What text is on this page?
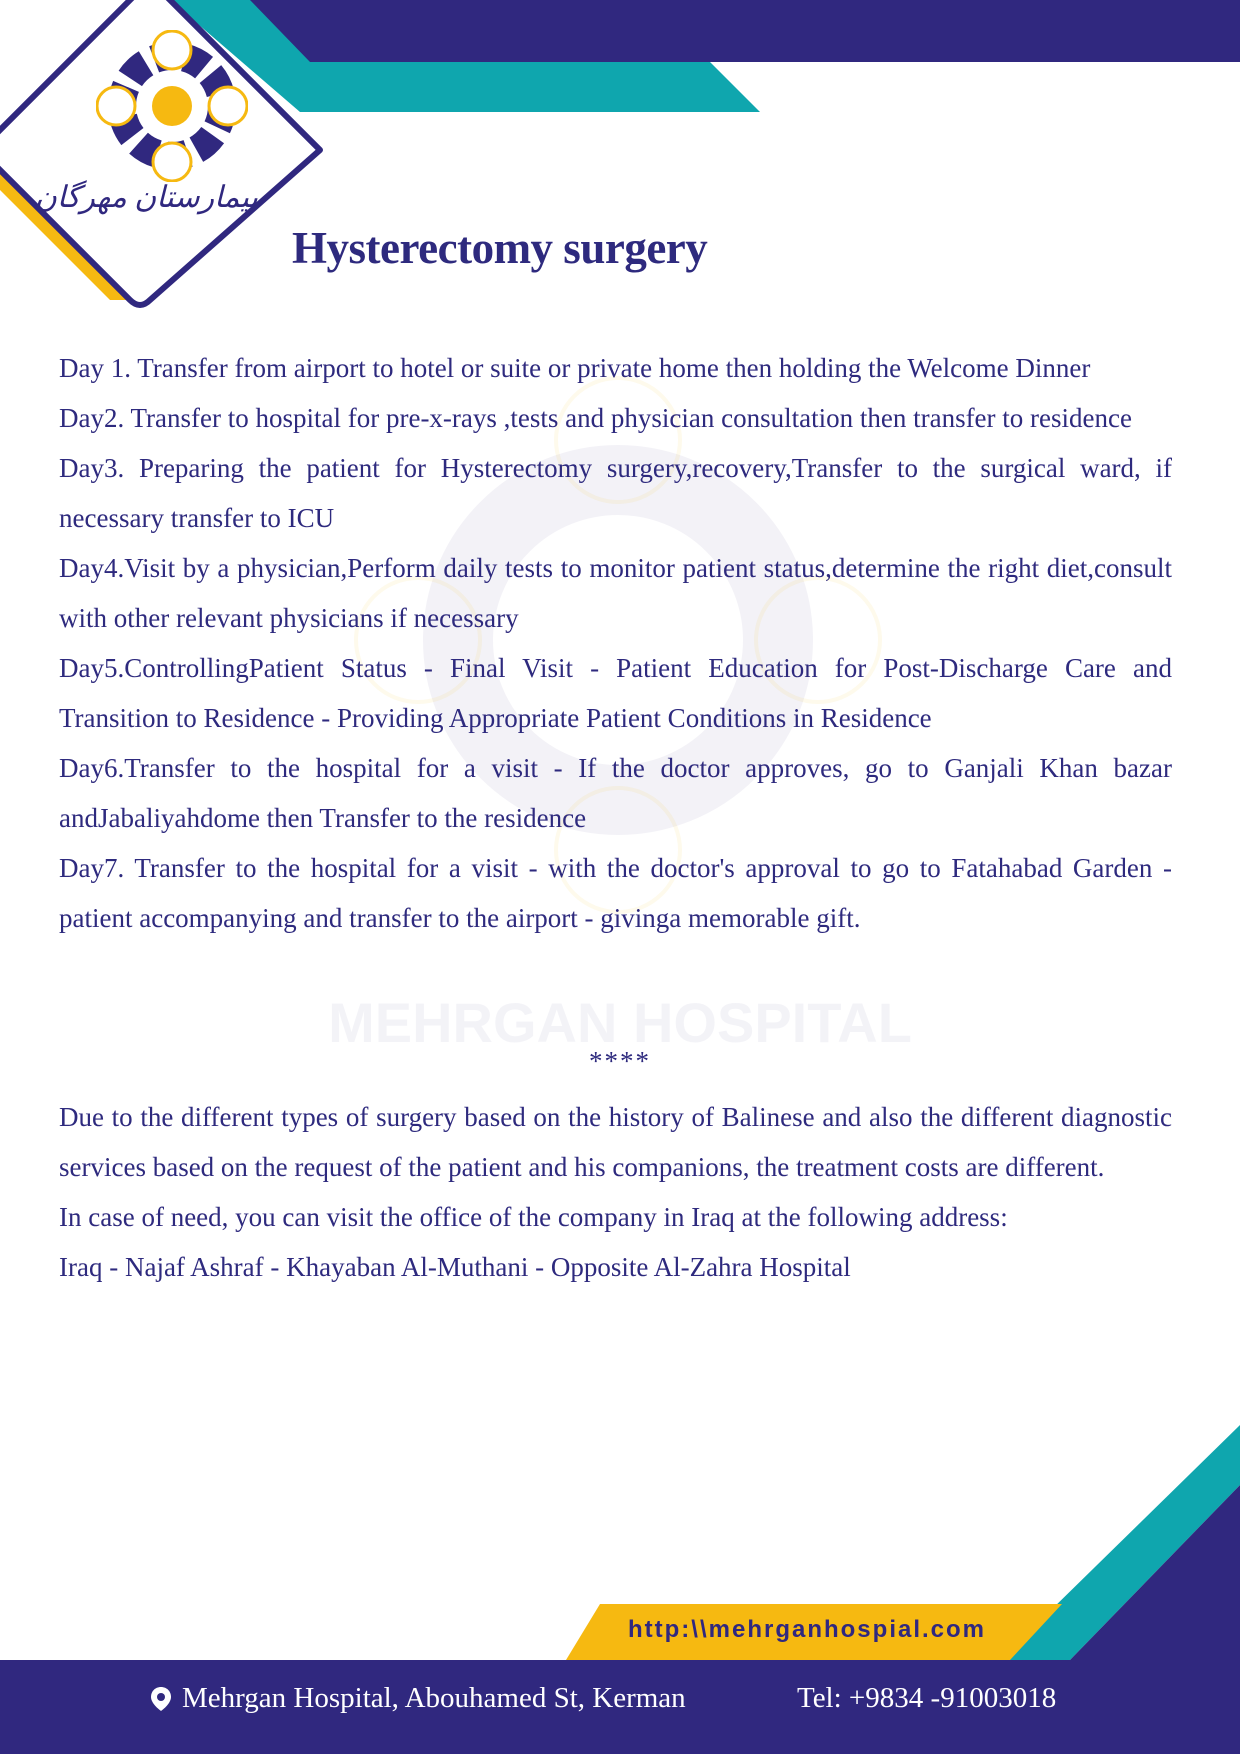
بیمارستان مهرگان
MEHRGAN HOSPITAL
Hysterectomy surgery

Day 1. Transfer from airport to hotel or suite or private home then holding the Welcome Dinner

Day2. Transfer to hospital for pre-x-rays ,tests and physician consultation then transfer to residence

Day3. Preparing the patient for Hysterectomy surgery,recovery,Transfer to the surgical ward, if necessary transfer to ICU

Day4.Visit by a physician,Perform daily tests to monitor patient status,determine the right diet,consult with other relevant physicians if necessary

Day5.ControllingPatient Status - Final Visit - Patient Education for Post-Discharge Care and Transition to Residence - Providing Appropriate Patient Conditions in Residence

Day6.Transfer to the hospital for a visit - If the doctor approves, go to Ganjali Khan bazar andJabaliyahdome then Transfer to the residence

Day7. Transfer to the hospital for a visit - with the doctor's approval to go to Fatahabad Garden - patient accompanying and transfer to the airport - givinga memorable gift.

****

Due to the different types of surgery based on the history of Balinese and also the different diagnostic services based on the request of the patient and his companions, the treatment costs are different.

In case of need, you can visit the office of the company in Iraq at the following address:

Iraq - Najaf Ashraf - Khayaban Al-Muthani - Opposite Al-Zahra Hospital

http:\\mehrganhospial.com
Mehrgan Hospital, Abouhamed St, Kerman	Tel: +9834 -91003018
